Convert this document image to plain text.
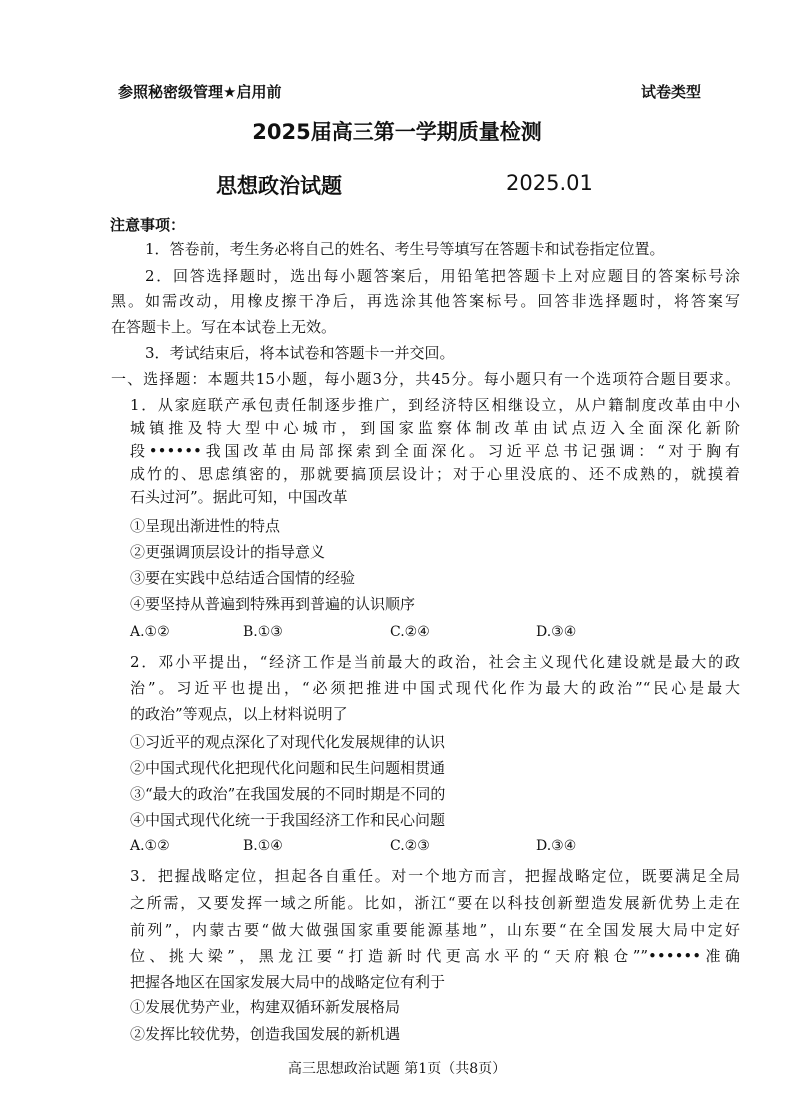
参照秘密级管理★启用前	试卷类型
2025届高三第一学期质量检测
思想政治试题	2025.01
注意事项：
1．答卷前，考生务必将自己的姓名、考生号等填写在答题卡和试卷指定位置。
2．回答选择题时，选出每小题答案后，用铅笔把答题卡上对应题目的答案标号涂
黑。如需改动，用橡皮擦干净后，再选涂其他答案标号。回答非选择题时，将答案写
在答题卡上。写在本试卷上无效。
3．考试结束后，将本试卷和答题卡一并交回。
一、选择题：本题共15小题，每小题3分，共45分。每小题只有一个选项符合题目要求。
1．从家庭联产承包责任制逐步推广，到经济特区相继设立，从户籍制度改革由中小
城镇推及特大型中心城市，到国家监察体制改革由试点迈入全面深化新阶
段••••••我国改革由局部探索到全面深化。习近平总书记强调：“对于胸有
成竹的、思虑缜密的，那就要搞顶层设计；对于心里没底的、还不成熟的，就摸着
石头过河”。据此可知，中国改革
①呈现出渐进性的特点
②更强调顶层设计的指导意义
③要在实践中总结适合国情的经验
④要坚持从普遍到特殊再到普遍的认识顺序
A.①②	B.①③	C.②④	D.③④
2．邓小平提出，“经济工作是当前最大的政治，社会主义现代化建设就是最大的政
治”。习近平也提出，“必须把推进中国式现代化作为最大的政治”“民心是最大
的政治”等观点，以上材料说明了
①习近平的观点深化了对现代化发展规律的认识
②中国式现代化把现代化问题和民生问题相贯通
③“最大的政治”在我国发展的不同时期是不同的
④中国式现代化统一于我国经济工作和民心问题
A.①②	B.①④	C.②③	D.③④
3．把握战略定位，担起各自重任。对一个地方而言，把握战略定位，既要满足全局
之所需，又要发挥一域之所能。比如，浙江“要在以科技创新塑造发展新优势上走在
前列”，内蒙古要“做大做强国家重要能源基地”，山东要“在全国发展大局中定好
位、挑大梁”，黑龙江要“打造新时代更高水平的“天府粮仓””••••••准确
把握各地区在国家发展大局中的战略定位有利于
①发展优势产业，构建双循环新发展格局
②发挥比较优势，创造我国发展的新机遇
高三思想政治试题 第1页（共8页）
